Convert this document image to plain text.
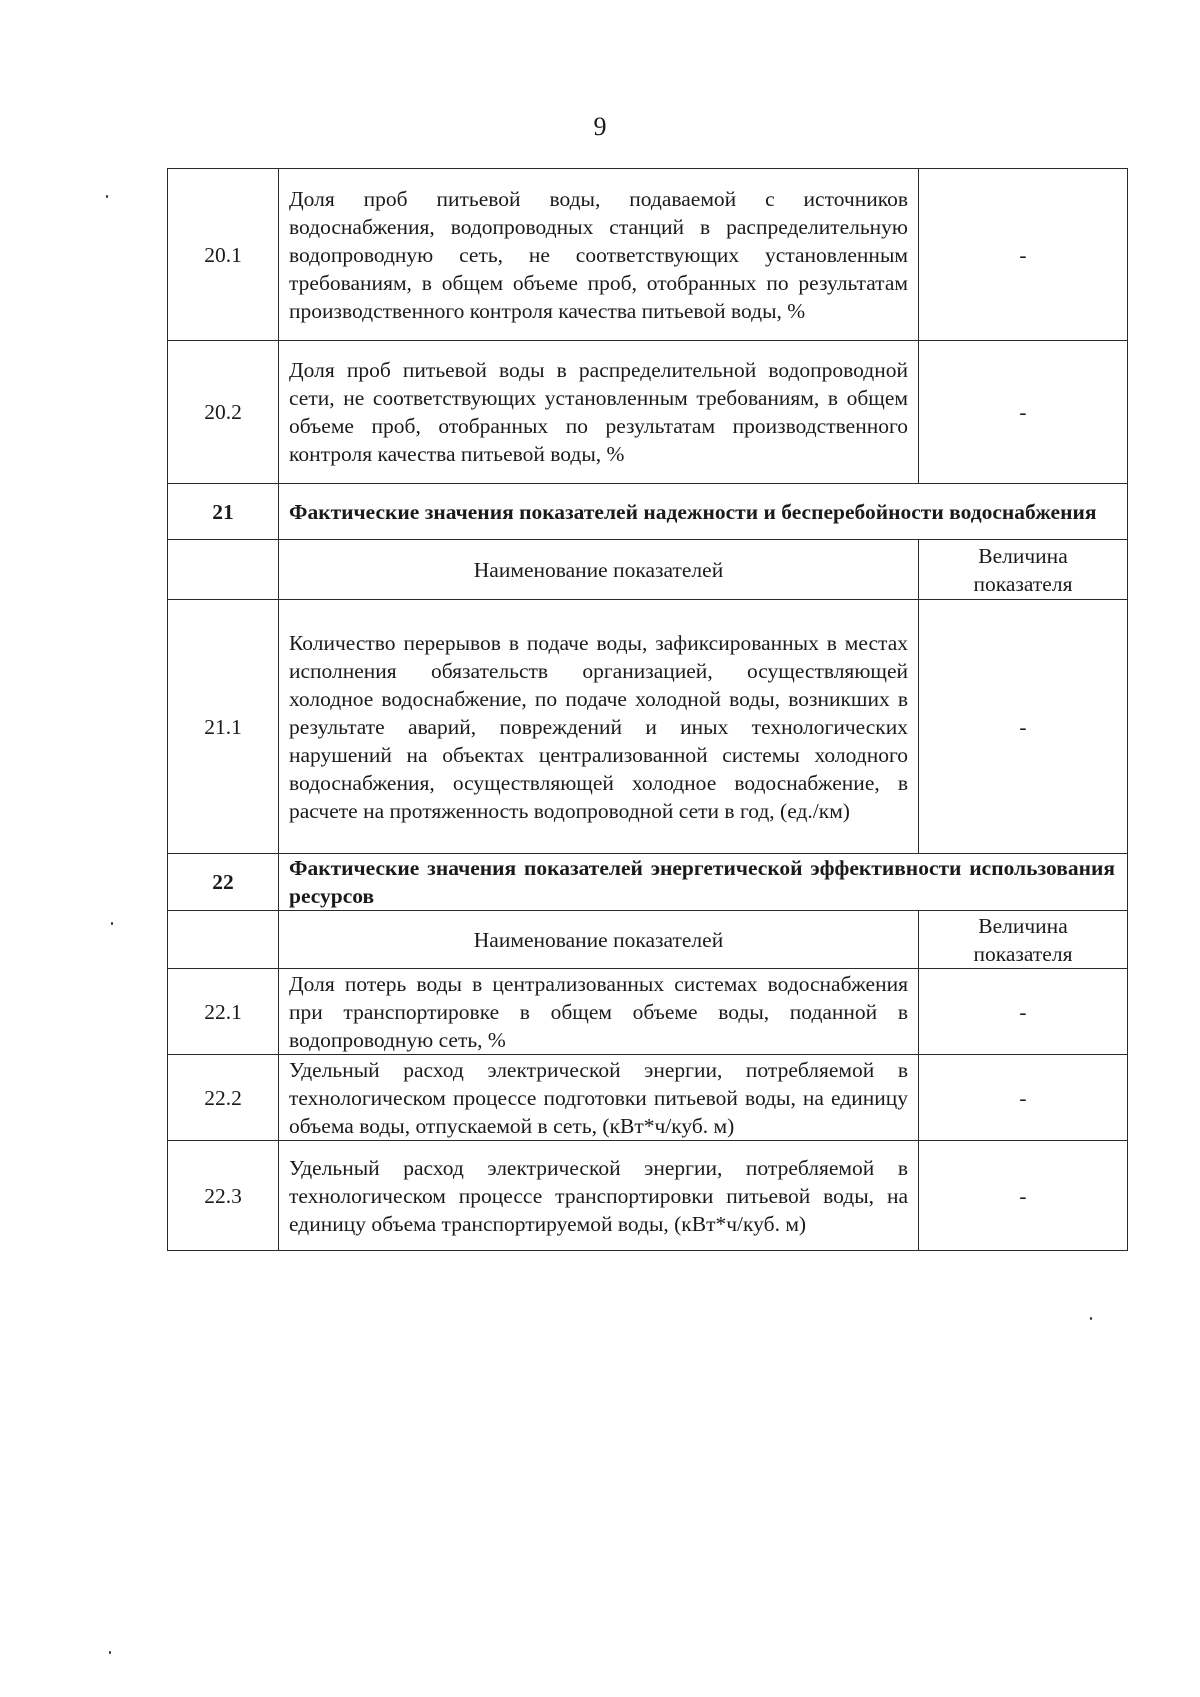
9
20.1	Доля проб питьевой воды, подаваемой с источников водоснабжения, водопроводных станций в распределительную водопроводную сеть, не соответствующих установленным требованиям, в общем объеме проб, отобранных по результатам производственного контроля качества питьевой воды, %	-
20.2	Доля проб питьевой воды в распределительной водопроводной сети, не соответствующих установленным требованиям, в общем объеме проб, отобранных по результатам производственного контроля качества питьевой воды, %	-
21	Фактические значения показателей надежности и бесперебойности водоснабжения	
	Наименование показателей	Величина показателя
21.1	Количество перерывов в подаче воды, зафиксированных в местах исполнения обязательств организацией, осуществляющей холодное водоснабжение, по подаче холодной воды, возникших в результате аварий, повреждений и иных технологических нарушений на объектах централизованной системы холодного водоснабжения, осуществляющей холодное водоснабжение, в расчете на протяженность водопроводной сети в год, (ед./км)	-
22	Фактические значения показателей энергетической эффективности использования ресурсов	
	Наименование показателей	Величина показателя
22.1	Доля потерь воды в централизованных системах водоснабжения при транспортировке в общем объеме воды, поданной в водопроводную сеть, %	-
22.2	Удельный расход электрической энергии, потребляемой в технологическом процессе подготовки питьевой воды, на единицу объема воды, отпускаемой в сеть, (кВт*ч/куб. м)	-
22.3	Удельный расход электрической энергии, потребляемой в технологическом процессе транспортировки питьевой воды, на единицу объема транспортируемой воды, (кВт*ч/куб. м)	-
